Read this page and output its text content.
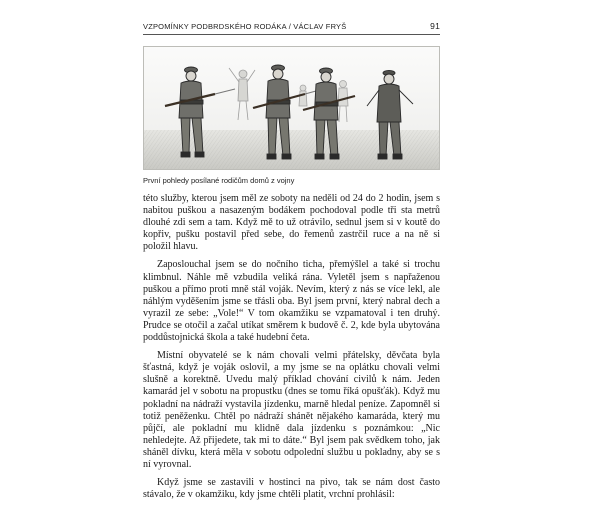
VZPOMÍNKY PODBRDSKÉHO RODÁKA / VÁCLAV FRYŠ	91
První pohledy posílané rodičům domů z vojny

této služby, kterou jsem měl ze soboty na neděli od 24 do 2 hodin, jsem s nabitou puškou a nasazeným bodákem pochodoval podle tři sta metrů dlouhé zdi sem a tam. Když mě to už otrávilo, sednul jsem si v koutě do kopřiv, pušku postavil před sebe, do řemenů zastrčil ruce a na ně si položil hlavu.

Zaposlouchal jsem se do nočního ticha, přemýšlel a také si trochu klimbnul. Náhle mě vzbudila veliká rána. Vyletěl jsem s napřaženou puškou a přímo proti mně stál voják. Nevím, který z nás se více lekl, ale náhlým vyděšením jsme se třásli oba. Byl jsem první, který nabral dech a vyrazil ze sebe: „Vole!“ V tom okamžiku se vzpamatoval i ten druhý. Prudce se otočil a začal utíkat směrem k budově č. 2, kde byla ubytována poddůstojnická škola a také hudební četa.

Místní obyvatelé se k nám chovali velmi přátelsky, děvčata byla šťastná, když je voják oslovil, a my jsme se na oplátku chovali velmi slušně a korektně. Uvedu malý příklad chování civilů k nám. Jeden kamarád jel v sobotu na propustku (dnes se tomu říká opušťák). Když mu pokladní na nádraží vystavila jízdenku, marně hledal peníze. Zapomněl si totiž peněženku. Chtěl po nádraží shánět nějakého kamaráda, který mu půjčí, ale pokladní mu klidně dala jízdenku s poznámkou: „Nic nehledejte. Až přijedete, tak mi to dáte.“ Byl jsem pak svědkem toho, jak sháněl dívku, která měla v sobotu odpolední službu u pokladny, aby se s ní vyrovnal.

Když jsme se zastavili v hostinci na pivo, tak se nám dost často stávalo, že v okamžiku, kdy jsme chtěli platit, vrchní prohlásil:
